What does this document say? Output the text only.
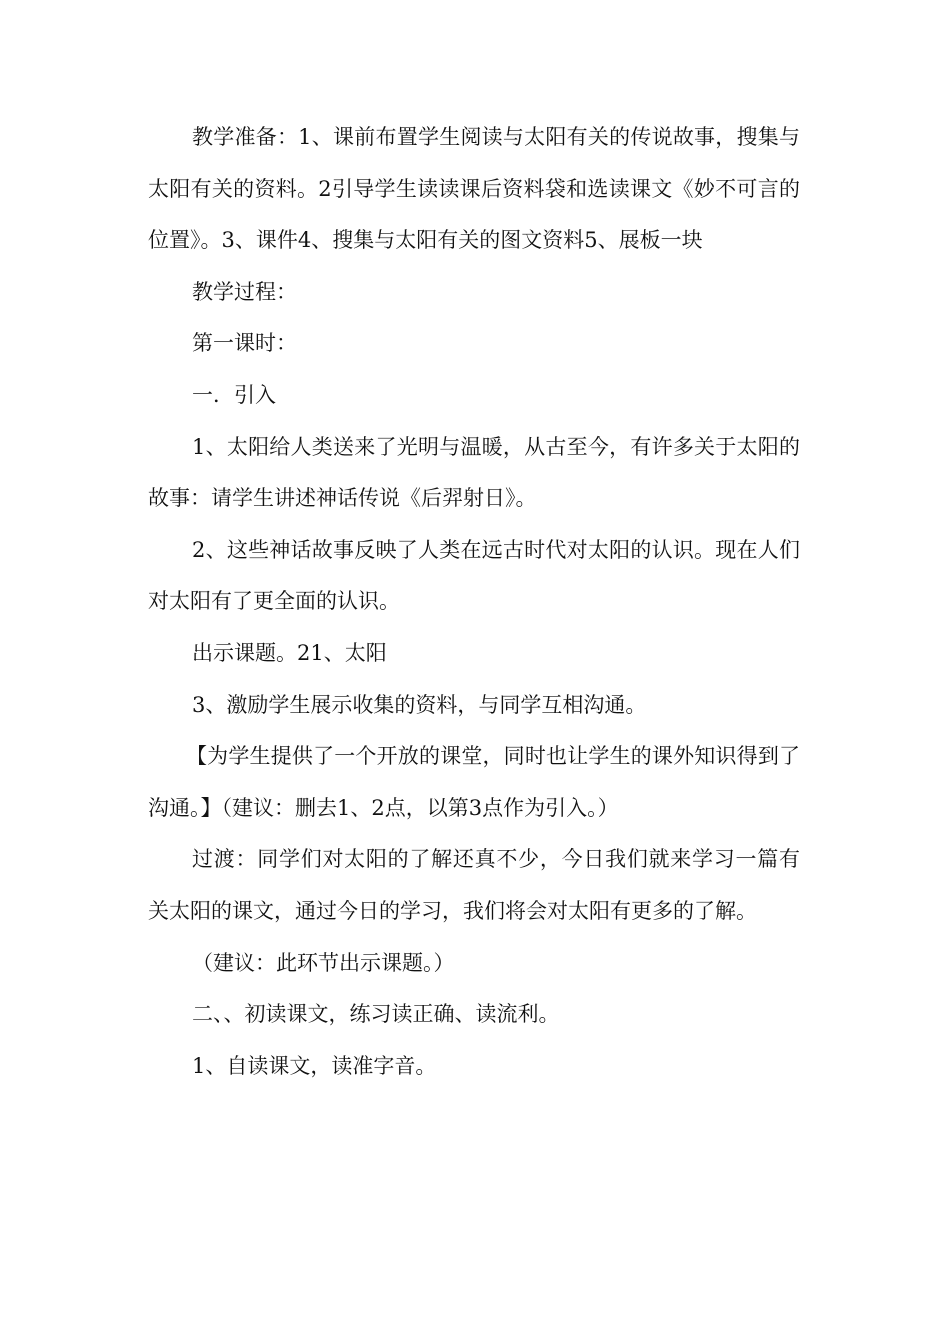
教学准备：1、课前布置学生阅读与太阳有关的传说故事，搜集与太阳有关的资料。2引导学生读读课后资料袋和选读课文《妙不可言的位置》。3、课件4、搜集与太阳有关的图文资料5、展板一块

教学过程：

第一课时：

一．引入

1、太阳给人类送来了光明与温暖，从古至今，有许多关于太阳的故事：请学生讲述神话传说《后羿射日》。

2、这些神话故事反映了人类在远古时代对太阳的认识。现在人们对太阳有了更全面的认识。

出示课题。21、太阳

3、激励学生展示收集的资料，与同学互相沟通。

【为学生提供了一个开放的课堂，同时也让学生的课外知识得到了沟通。】（建议：删去1、2点，以第3点作为引入。）

过渡：同学们对太阳的了解还真不少，今日我们就来学习一篇有关太阳的课文，通过今日的学习，我们将会对太阳有更多的了解。

（建议：此环节出示课题。）

二、、初读课文，练习读正确、读流利。

1、自读课文，读准字音。
